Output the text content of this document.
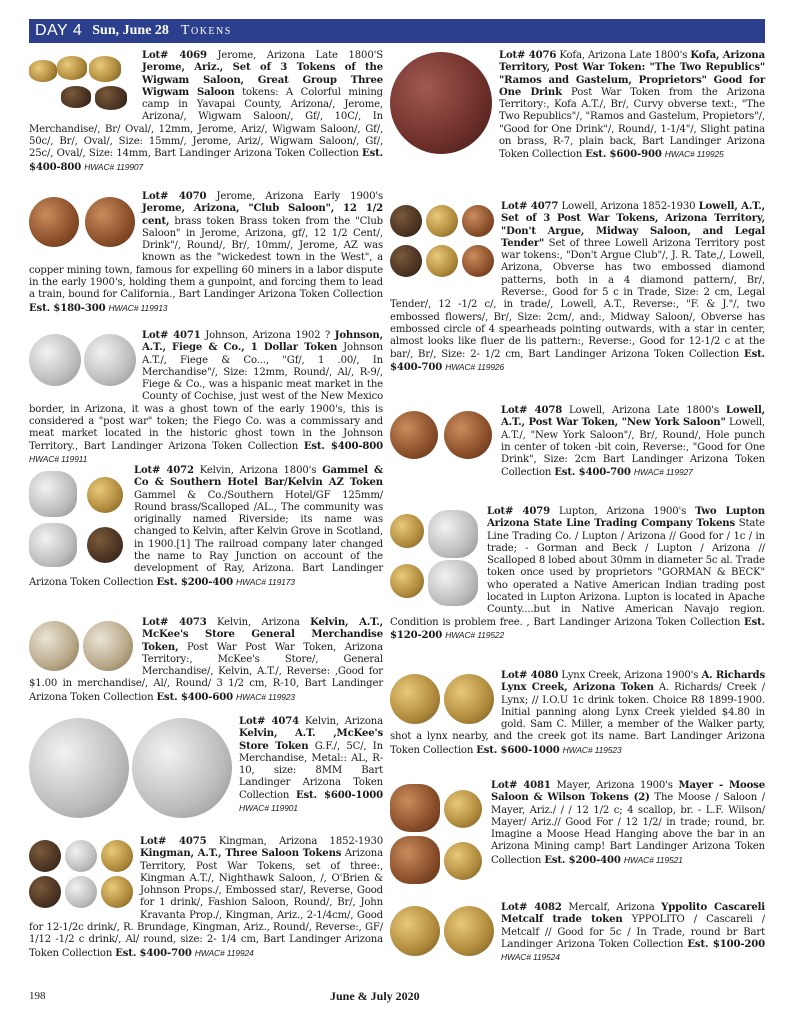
DAY 4 Sun, June 28 Tokens
Lot# 4069 Jerome, Arizona Late 1800'S Jerome, Ariz., Set of 3 Tokens of the Wigwam Saloon, Great Group Three Wigwam Saloon tokens: A Colorful mining camp in Yavapai County, Arizona/, Jerome, Arizona/, Wigwam Saloon/, Gf/, 10C/, In Merchandise/, Br/ Oval/, 12mm, Jerome, Ariz/, Wigwam Saloon/, Gf/, 50c/, Br/, Oval/, Size: 15mm/, Jerome, Ariz/, Wigwam Saloon/, Gf/, 25c/, Oval/, Size: 14mm, Bart Landinger Arizona Token Collection Est. $400-800 HWAC# 119907
Lot# 4070 Jerome, Arizona Early 1900's Jerome, Arizona, "Club Saloon", 12 1/2 cent, brass token Brass token from the "Club Saloon" in Jerome, Arizona, gf/, 12 1/2 Cent/, Drink"/, Round/, Br/, 10mm/, Jerome, AZ was known as the "wickedest town in the West", a copper mining town, famous for expelling 60 miners in a labor dispute in the early 1900's, holding them a gunpoint, and forcing them to lead a train, bound for California., Bart Landinger Arizona Token Collection Est. $180-300 HWAC# 119913
Lot# 4071 Johnson, Arizona 1902 ? Johnson, A.T., Fiege & Co., 1 Dollar Token Johnson A.T./, Fiege & Co..., "Gf/, 1 .00/, In Merchandise"/, Size: 12mm, Round/, Al/, R-9/, Fiege & Co., was a hispanic meat market in the County of Cochise, just west of the New Mexico border, in Arizona, it was a ghost town of the early 1900's, this is considered a "post war" token; the Fiego Co. was a commissary and meat market located in the historic ghost town in the Johnson Territory., Bart Landinger Arizona Token Collection Est. $400-800 HWAC# 119911
Lot# 4072 Kelvin, Arizona 1800's Gammel & Co & Southern Hotel Bar/Kelvin AZ Token Gammel & Co./Southern Hotel/GF 125mm/ Round brass/Scalloped /AL., The community was originally named Riverside; its name was changed to Kelvin, after Kelvin Grove in Scotland, in 1900.[1] The railroad company later changed the name to Ray Junction on account of the development of Ray, Arizona. Bart Landinger Arizona Token Collection Est. $200-400 HWAC# 119173
Lot# 4073 Kelvin, Arizona Kelvin, A.T., McKee's Store General Merchandise Token, Post War Post War Token, Arizona Territory:, McKee's Store/, General Merchandise/, Kelvin, A.T./, Reverse: ,Good for $1.00 in merchandise/, Al/, Round/ 3 1/2 cm, R-10, Bart Landinger Arizona Token Collection Est. $400-600 HWAC# 119923
Lot# 4074 Kelvin, Arizona Kelvin, A.T. ,McKee's Store Token G.F./, 5C/, In Merchandise, Metal:: AL, R-10, size: 8MM Bart Landinger Arizona Token Collection Est. $600-1000 HWAC# 119901
Lot# 4075 Kingman, Arizona 1852-1930 Kingman, A.T., Three Saloon Tokens Arizona Territory, Post War Tokens, set of three:, Kingman A.T./, Nighthawk Saloon, /, O'Brien & Johnson Props./, Embossed star/, Reverse, Good for 1 drink/, Fashion Saloon, Round/, Br/, John Kravanta Prop./, Kingman, Ariz., 2-1/4cm/, Good for 12-1/2c drink/, R. Brundage, Kingman, Ariz., Round/, Reverse:, GF/ 1/12 -1/2 c drink/, Al/ round, size: 2- 1/4 cm, Bart Landinger Arizona Token Collection Est. $400-700 HWAC# 119924
Lot# 4076 Kofa, Arizona Late 1800's Kofa, Arizona Territory, Post War Token: "The Two Republics" "Ramos and Gastelum, Proprietors" Good for One Drink Post War Token from the Arizona Territory:, Kofa A.T./, Br/, Curvy obverse text:, "The Two Republics"/, "Ramos and Gastelum, Propietors"/, "Good for One Drink"/, Round/, 1-1/4"/, Slight patina on brass, R-7, plain back, Bart Landinger Arizona Token Collection Est. $600-900 HWAC# 119925
Lot# 4077 Lowell, Arizona 1852-1930 Lowell, A.T., Set of 3 Post War Tokens, Arizona Territory, "Don't Argue, Midway Saloon, and Legal Tender" Set of three Lowell Arizona Territory post war tokens:, "Don't Argue Club"/, J. R. Tate,/, Lowell, Arizona, Obverse has two embossed diamond patterns, both in a 4 diamond pattern/, Br/, Reverse:, Good for 5 c in Trade, Size: 2 cm, Legal Tender/, 12 -1/2 c/, in trade/, Lowell, A.T., Reverse:, "F. & J."/, two embossed flowers/, Br/, Size: 2cm/, and:, Midway Saloon/, Obverse has embossed circle of 4 spearheads pointing outwards, with a star in center, almost looks like fluer de lis pattern:, Reverse:, Good for 12-1/2 c at the bar/, Br/, Size: 2- 1/2 cm, Bart Landinger Arizona Token Collection Est. $400-700 HWAC# 119926
Lot# 4078 Lowell, Arizona Late 1800's Lowell, A.T., Post War Token, "New York Saloon" Lowell, A.T./, "New York Saloon"/, Br/, Round/, Hole punch in center of token -bit coin, Reverse:, "Good for One Drink", Size: 2cm Bart Landinger Arizona Token Collection Est. $400-700 HWAC# 119927
Lot# 4079 Lupton, Arizona 1900's Two Lupton Arizona State Line Trading Company Tokens State Line Trading Co. / Lupton / Arizona // Good for / 1c / in trade; - Gorman and Beck / Lupton / Arizona // Scalloped 8 lobed about 30mm in diameter 5c al. Trade token once used by proprietors "GORMAN & BECK" who operated a Native American Indian trading post located in Lupton Arizona. Lupton is located in Apache County....but in Native American Navajo region. Condition is problem free. , Bart Landinger Arizona Token Collection Est. $120-200 HWAC# 119522
Lot# 4080 Lynx Creek, Arizona 1900's A. Richards Lynx Creek, Arizona Token A. Richards/ Creek / Lynx; // I.O.U 1c drink token. Choice R8 1899-1900. Initial panning along Lynx Creek yielded $4.80 in gold. Sam C. Miller, a member of the Walker party, shot a lynx nearby, and the creek got its name. Bart Landinger Arizona Token Collection Est. $600-1000 HWAC# 119523
Lot# 4081 Mayer, Arizona 1900's Mayer - Moose Saloon & Wilson Tokens (2) The Moose / Saloon / Mayer, Ariz./ / / 12 1/2 c; 4 scallop, br. - L.F. Wilson/ Mayer/ Ariz.// Good For / 12 1/2/ in trade; round, br. Imagine a Moose Head Hanging above the bar in an Arizona Mining camp! Bart Landinger Arizona Token Collection Est. $200-400 HWAC# 119521
Lot# 4082 Mercalf, Arizona Yppolito Cascareli Metcalf trade token YPPOLITO / Cascareli / Metcalf // Good for 5c / In Trade, round br Bart Landinger Arizona Token Collection Est. $100-200 HWAC# 119524
198	June & July 2020
